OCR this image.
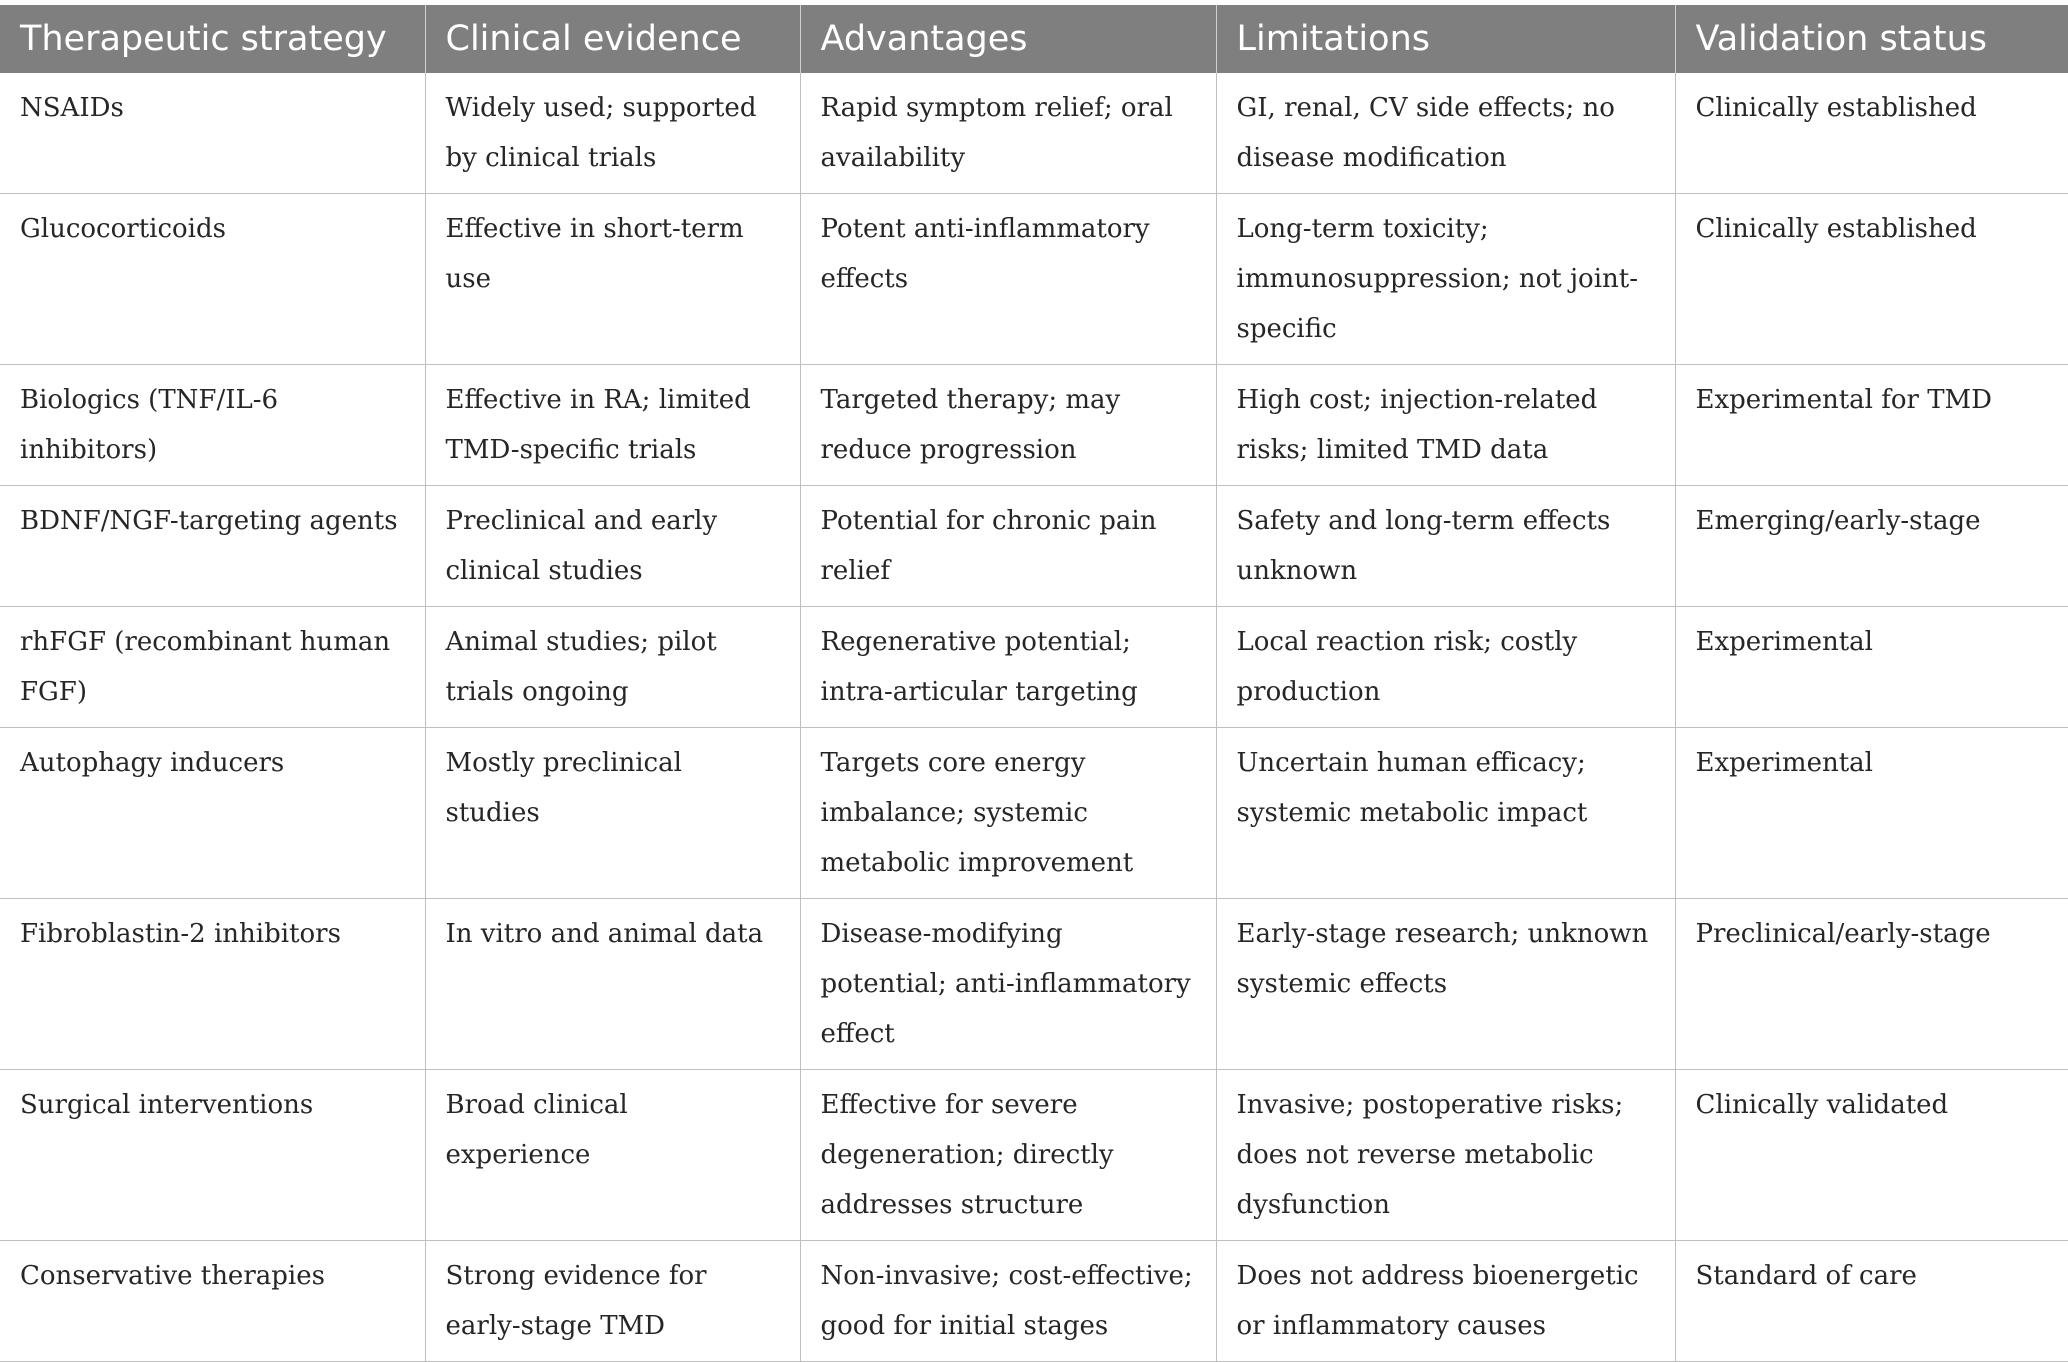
Therapeutic strategy	Clinical evidence	Advantages	Limitations	Validation status
NSAIDs	Widely used; supported by clinical trials	Rapid symptom relief; oral availability	GI, renal, CV side effects; no disease modification	Clinically established
Glucocorticoids	Effective in short-term use	Potent anti-inflammatory effects	Long-term toxicity; immunosuppression; not joint-specific	Clinically established
Biologics (TNF/IL-6 inhibitors)	Effective in RA; limited TMD-specific trials	Targeted therapy; may reduce progression	High cost; injection-related risks; limited TMD data	Experimental for TMD
BDNF/NGF-targeting agents	Preclinical and early clinical studies	Potential for chronic pain relief	Safety and long-term effects unknown	Emerging/early-stage
rhFGF (recombinant human FGF)	Animal studies; pilot trials ongoing	Regenerative potential; intra-articular targeting	Local reaction risk; costly production	Experimental
Autophagy inducers	Mostly preclinical studies	Targets core energy imbalance; systemic metabolic improvement	Uncertain human efficacy; systemic metabolic impact	Experimental
Fibroblastin-2 inhibitors	In vitro and animal data	Disease-modifying potential; anti-inflammatory effect	Early-stage research; unknown systemic effects	Preclinical/early-stage
Surgical interventions	Broad clinical experience	Effective for severe degeneration; directly addresses structure	Invasive; postoperative risks; does not reverse metabolic dysfunction	Clinically validated
Conservative therapies	Strong evidence for early-stage TMD	Non-invasive; cost-effective; good for initial stages	Does not address bioenergetic or inflammatory causes	Standard of care
